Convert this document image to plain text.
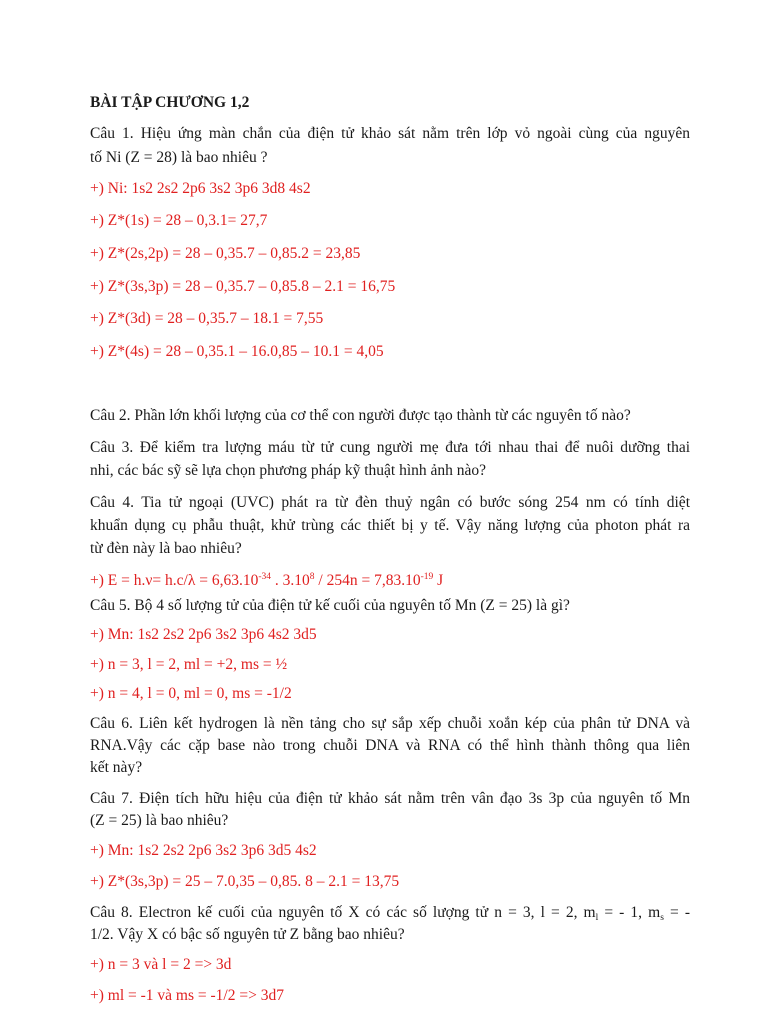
BÀI TẬP CHƯƠNG 1,2
Câu 1. Hiệu ứng màn chắn của điện tử khảo sát nằm trên lớp vỏ ngoài cùng của nguyên
tố Ni (Z = 28) là bao nhiêu ?
+) Ni: 1s2 2s2 2p6 3s2 3p6 3d8 4s2
+) Z*(1s) = 28 – 0,3.1= 27,7
+) Z*(2s,2p) = 28 – 0,35.7 – 0,85.2 = 23,85
+) Z*(3s,3p) = 28 – 0,35.7 – 0,85.8 – 2.1 = 16,75
+) Z*(3d) = 28 – 0,35.7 – 18.1 = 7,55
+) Z*(4s) = 28 – 0,35.1 – 16.0,85 – 10.1 = 4,05
Câu 2. Phần lớn khối lượng của cơ thể con người được tạo thành từ các nguyên tố nào?
Câu 3. Để kiểm tra lượng máu từ tử cung người mẹ đưa tới nhau thai để nuôi dưỡng thai
nhi, các bác sỹ sẽ lựa chọn phương pháp kỹ thuật hình ảnh nào?
Câu 4. Tia tử ngoại (UVC) phát ra từ đèn thuỷ ngân có bước sóng 254 nm có tính diệt
khuẩn dụng cụ phẫu thuật, khử trùng các thiết bị y tế. Vậy năng lượng của photon phát ra
từ đèn này là bao nhiêu?
+) $E = h.\nu= h.c/\lambda = 6,63.10^{-34}$ . $3.10^8 / 254n = 7,83.10^{-19}$ J
Câu 5. Bộ 4 số lượng tử của điện tử kế cuối của nguyên tố Mn (Z = 25) là gì?
+) Mn: 1s2 2s2 2p6 3s2 3p6 4s2 3d5
+) n = 3, l = 2, ml = +2, ms = ½
+) n = 4, l = 0, ml = 0, ms = -1/2
Câu 6. Liên kết hydrogen là nền tảng cho sự sắp xếp chuỗi xoắn kép của phân tử DNA và
RNA.Vậy các cặp base nào trong chuỗi DNA và RNA có thể hình thành thông qua liên
kết này?
Câu 7. Điện tích hữu hiệu của điện tử khảo sát nằm trên vân đạo 3s 3p của nguyên tố Mn
(Z = 25) là bao nhiêu?
+) Mn: 1s2 2s2 2p6 3s2 3p6 3d5 4s2
+) Z*(3s,3p) = 25 – 7.0,35 – 0,85. 8 – 2.1 = 13,75
Câu 8. Electron kế cuối của nguyên tố X có các số lượng tử n = 3, l = 2, $m_l$ = - 1, $m_s$ = -
1/2. Vậy X có bậc số nguyên tử Z bằng bao nhiêu?
+) n = 3 và l = 2 => 3d
+) ml = -1 và ms = -1/2 => 3d7
